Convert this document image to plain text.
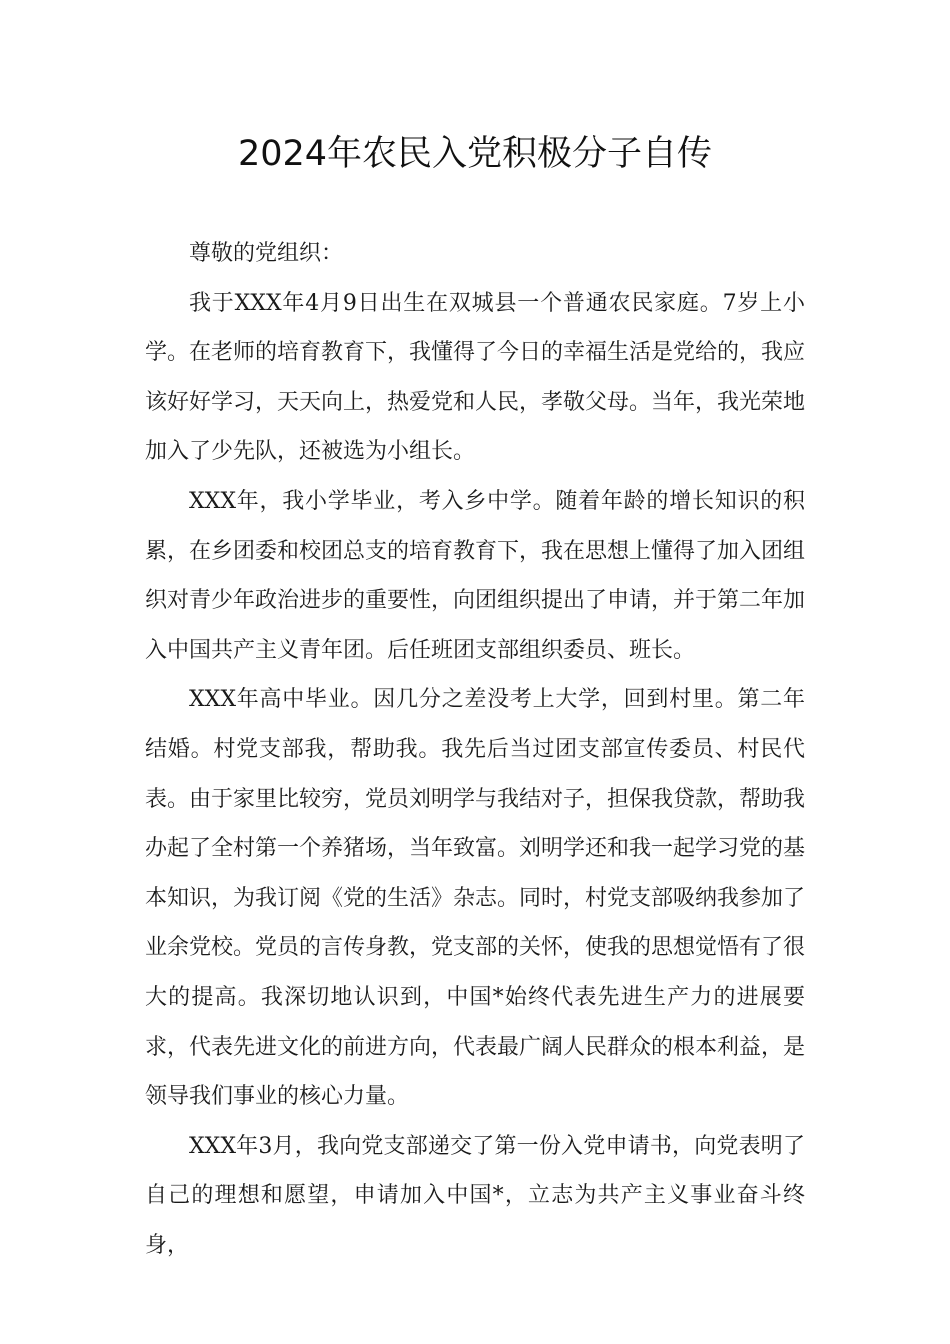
2024年农民入党积极分子自传

尊敬的党组织：

我于XXX年4月9日出生在双城县一个普通农民家庭。7岁上小学。在老师的培育教育下，我懂得了今日的幸福生活是党给的，我应该好好学习，天天向上，热爱党和人民，孝敬父母。当年，我光荣地加入了少先队，还被选为小组长。

XXX年，我小学毕业，考入乡中学。随着年龄的增长知识的积累，在乡团委和校团总支的培育教育下，我在思想上懂得了加入团组织对青少年政治进步的重要性，向团组织提出了申请，并于第二年加入中国共产主义青年团。后任班团支部组织委员、班长。

XXX年高中毕业。因几分之差没考上大学，回到村里。第二年结婚。村党支部我，帮助我。我先后当过团支部宣传委员、村民代表。由于家里比较穷，党员刘明学与我结对子，担保我贷款，帮助我办起了全村第一个养猪场，当年致富。刘明学还和我一起学习党的基本知识，为我订阅《党的生活》杂志。同时，村党支部吸纳我参加了业余党校。党员的言传身教，党支部的关怀，使我的思想觉悟有了很大的提高。我深切地认识到，中国*始终代表先进生产力的进展要求，代表先进文化的前进方向，代表最广阔人民群众的根本利益，是领导我们事业的核心力量。

XXX年3月，我向党支部递交了第一份入党申请书，向党表明了自己的理想和愿望，申请加入中国*，立志为共产主义事业奋斗终身，
